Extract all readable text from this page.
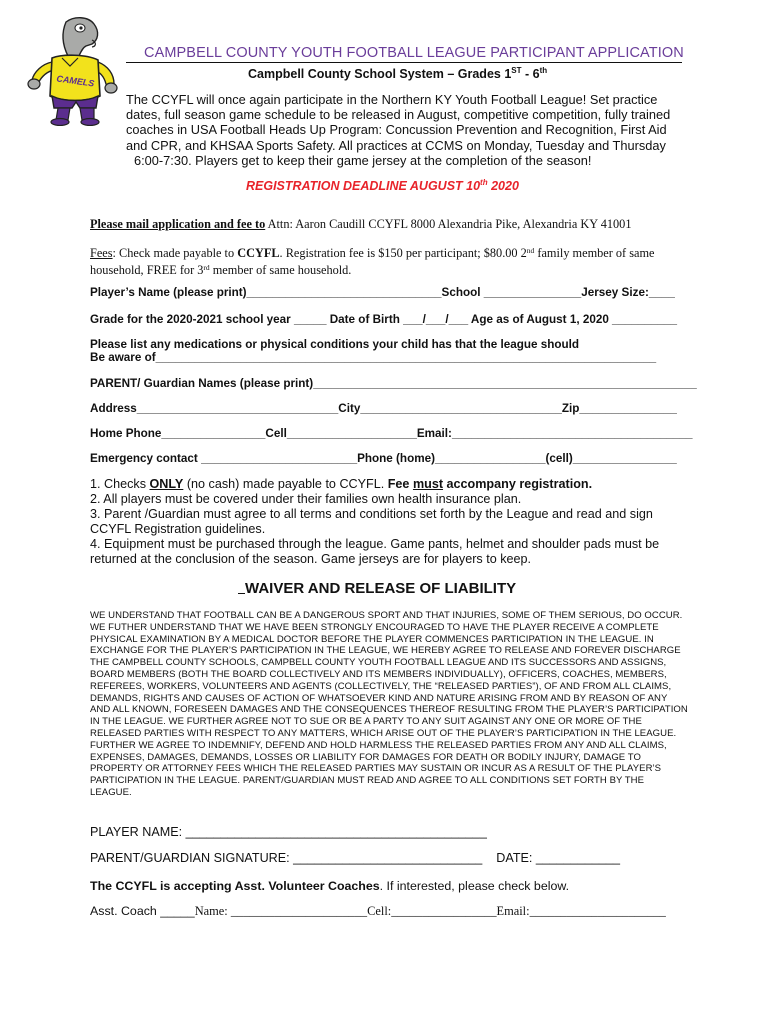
CAMELS
CAMPBELL COUNTY YOUTH FOOTBALL LEAGUE PARTICIPANT APPLICATION
Campbell County School System – Grades 1ST - 6th

The CCYFL will once again participate in the Northern KY Youth Football League! Set practice dates, full season game schedule to be released in August, competitive competition, fully trained coaches in USA Football Heads Up Program: Concussion Prevention and Recognition, First Aid and CPR, and KHSAA Sports Safety. All practices at CCMS on Monday, Tuesday and Thursday

6:00-7:30. Players get to keep their game jersey at the completion of the season!

REGISTRATION DEADLINE AUGUST 10th 2020
Please mail application and fee to Attn: Aaron Caudill CCYFL 8000 Alexandria Pike, Alexandria KY 41001
Fees: Check made payable to CCYFL. Registration fee is $150 per participant; $80.00 2nd family member of same household, FREE for 3rd member of same household.
Player’s Name (please print)______________________________School _______________Jersey Size:____
Grade for the 2020-2021 school year _____ Date of Birth ___/___/___ Age as of August 1, 2020 __________
Please list any medications or physical conditions your child has that the league should
Be aware of_____________________________________________________________________________
PARENT/ Guardian Names (please print)___________________________________________________________
Address_______________________________City_______________________________Zip_______________
Home Phone________________Cell____________________Email:_____________________________________
Emergency contact ________________________Phone (home)_________________(cell)________________

1. Checks ONLY (no cash) made payable to CCYFL. Fee must accompany registration.

2. All players must be covered under their families own health insurance plan.

3. Parent /Guardian must agree to all terms and conditions set forth by the League and read and sign CCYFL Registration guidelines.

4. Equipment must be purchased through the league. Game pants, helmet and shoulder pads must be returned at the conclusion of the season. Game jerseys are for players to keep.

WAIVER AND RELEASE OF LIABILITY
WE UNDERSTAND THAT FOOTBALL CAN BE A DANGEROUS SPORT AND THAT INJURIES, SOME OF THEM SERIOUS, DO OCCUR. WE FUTHER UNDERSTAND THAT WE HAVE BEEN STRONGLY ENCOURAGED TO HAVE THE PLAYER RECEIVE A COMPLETE PHYSICAL EXAMINATION BY A MEDICAL DOCTOR BEFORE THE PLAYER COMMENCES PARTICIPATION IN THE LEAGUE. IN EXCHANGE FOR THE PLAYER’S PARTICIPATION IN THE LEAGUE, WE HEREBY AGREE TO RELEASE AND FOREVER DISCHARGE THE CAMPBELL COUNTY SCHOOLS, CAMPBELL COUNTY YOUTH FOOTBALL LEAGUE AND ITS SUCCESSORS AND ASSIGNS, BOARD MEMBERS (BOTH THE BOARD COLLECTIVELY AND ITS MEMBERS INDIVIDUALLY), OFFICERS, COACHES, MEMBERS, REFEREES, WORKERS, VOLUNTEERS AND AGENTS (COLLECTIVELY, THE “RELEASED PARTIES”), OF AND FROM ALL CLAIMS, DEMANDS, RIGHTS AND CAUSES OF ACTION OF WHATSOEVER KIND AND NATURE ARISING FROM AND BY REASON OF ANY AND ALL KNOWN, FORESEEN DAMAGES AND THE CONSEQUENCES THEREOF RESULTING FROM THE PLAYER’S PARTICIPATION IN THE LEAGUE. WE FURTHER AGREE NOT TO SUE OR BE A PARTY TO ANY SUIT AGAINST ANY ONE OR MORE OF THE RELEASED PARTIES WITH RESPECT TO ANY MATTERS, WHICH ARISE OUT OF THE PLAYER’S PARTICIPATION IN THE LEAGUE. FURTHER WE AGREE TO INDEMNIFY, DEFEND AND HOLD HARMLESS THE RELEASED PARTIES FROM ANY AND ALL CLAIMS, EXPENSES, DAMAGES, DEMANDS, LOSSES OR LIABILITY FOR DAMAGES FOR DEATH OR BODILY INJURY, DAMAGE TO PROPERTY OR ATTORNEY FEES WHICH THE RELEASED PARTIES MAY SUSTAIN OR INCUR AS A RESULT OF THE PLAYER’S PARTICIPATION IN THE LEAGUE. PARENT/GUARDIAN MUST READ AND AGREE TO ALL CONDITIONS SET FORTH BY THE LEAGUE.
PLAYER NAME: ___________________________________________
PARENT/GUARDIAN SIGNATURE: ___________________________ DATE: ____________
The CCYFL is accepting Asst. Volunteer Coaches. If interested, please check below.
Asst. Coach _____Name: ______________________Cell:_________________Email:______________________
